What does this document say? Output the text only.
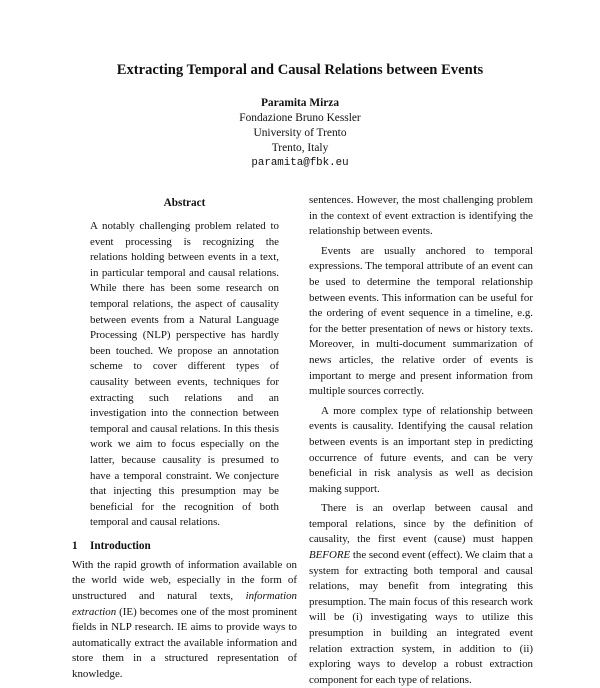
Extracting Temporal and Causal Relations between Events
Paramita Mirza
Fondazione Bruno Kessler
University of Trento
Trento, Italy
paramita@fbk.eu
Abstract

A notably challenging problem related to event processing is recognizing the relations holding between events in a text, in particular temporal and causal relations. While there has been some research on temporal relations, the aspect of causality between events from a Natural Language Processing (NLP) perspective has hardly been touched. We propose an annotation scheme to cover different types of causality between events, techniques for extracting such relations and an investigation into the connection between temporal and causal relations. In this thesis work we aim to focus especially on the latter, because causality is presumed to have a temporal constraint. We conjecture that injecting this presumption may be beneficial for the recognition of both temporal and causal relations.

1 Introduction

With the rapid growth of information available on the world wide web, especially in the form of unstructured and natural texts, information extraction (IE) becomes one of the most prominent fields in NLP research. IE aims to provide ways to automatically extract the available information and store them in a structured representation of knowledge.

sentences. However, the most challenging problem in the context of event extraction is identifying the relationship between events.

Events are usually anchored to temporal expressions. The temporal attribute of an event can be used to determine the temporal relationship between events. This information can be useful for the ordering of event sequence in a timeline, e.g. for the better presentation of news or history texts. Moreover, in multi-document summarization of news articles, the relative order of events is important to merge and present information from multiple sources correctly.

A more complex type of relationship between events is causality. Identifying the causal relation between events is an important step in predicting occurrence of future events, and can be very beneficial in risk analysis as well as decision making support.

There is an overlap between causal and temporal relations, since by the definition of causality, the first event (cause) must happen BEFORE the second event (effect). We claim that a system for extracting both temporal and causal relations, may benefit from integrating this presumption. The main focus of this research work will be (i) investigating ways to utilize this presumption in building an integrated event relation extraction system, in addition to (ii) exploring ways to develop a robust extraction component for each type of relations.
